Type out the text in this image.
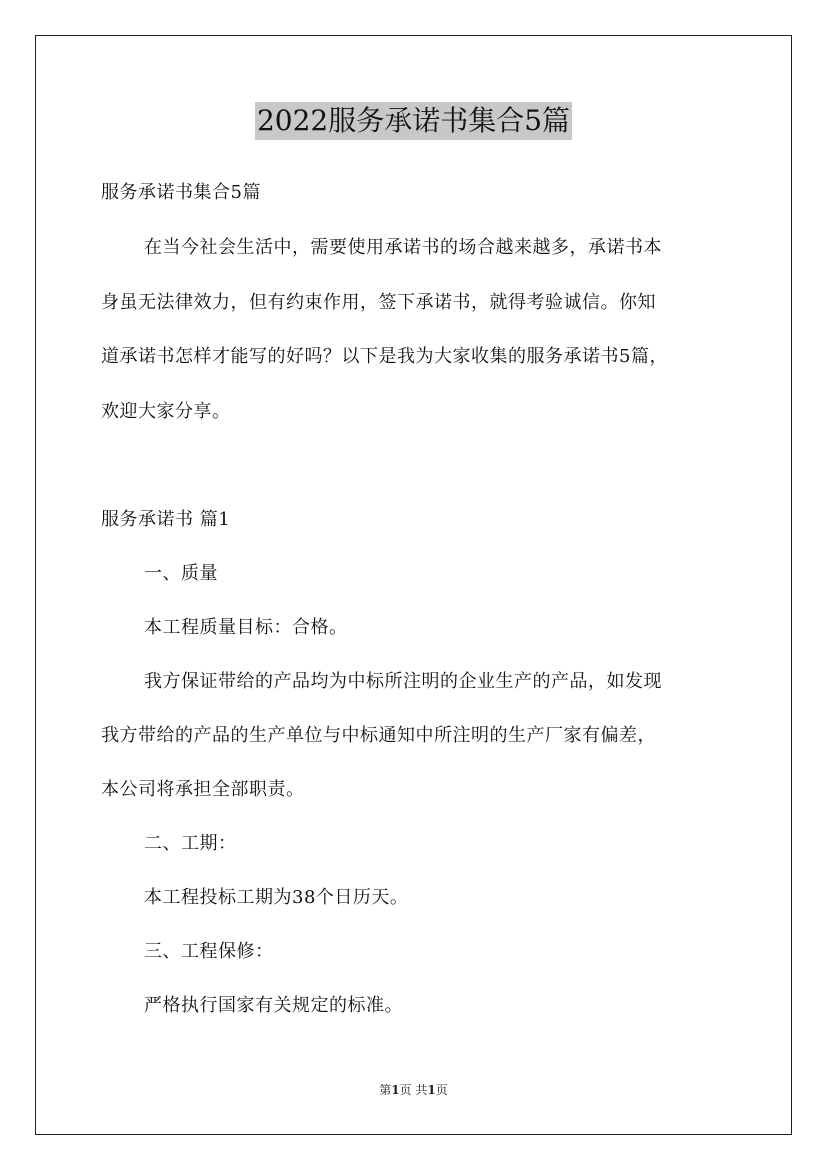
2022服务承诺书集合5篇
服务承诺书集合5篇
在当今社会生活中，需要使用承诺书的场合越来越多，承诺书本
身虽无法律效力，但有约束作用，签下承诺书，就得考验诚信。你知
道承诺书怎样才能写的好吗？以下是我为大家收集的服务承诺书5篇，
欢迎大家分享。
服务承诺书 篇1
一、质量
本工程质量目标：合格。
我方保证带给的产品均为中标所注明的企业生产的产品，如发现
我方带给的产品的生产单位与中标通知中所注明的生产厂家有偏差，
本公司将承担全部职责。
二、工期：
本工程投标工期为38个日历天。
三、工程保修：
严格执行国家有关规定的标准。
第1页 共1页
